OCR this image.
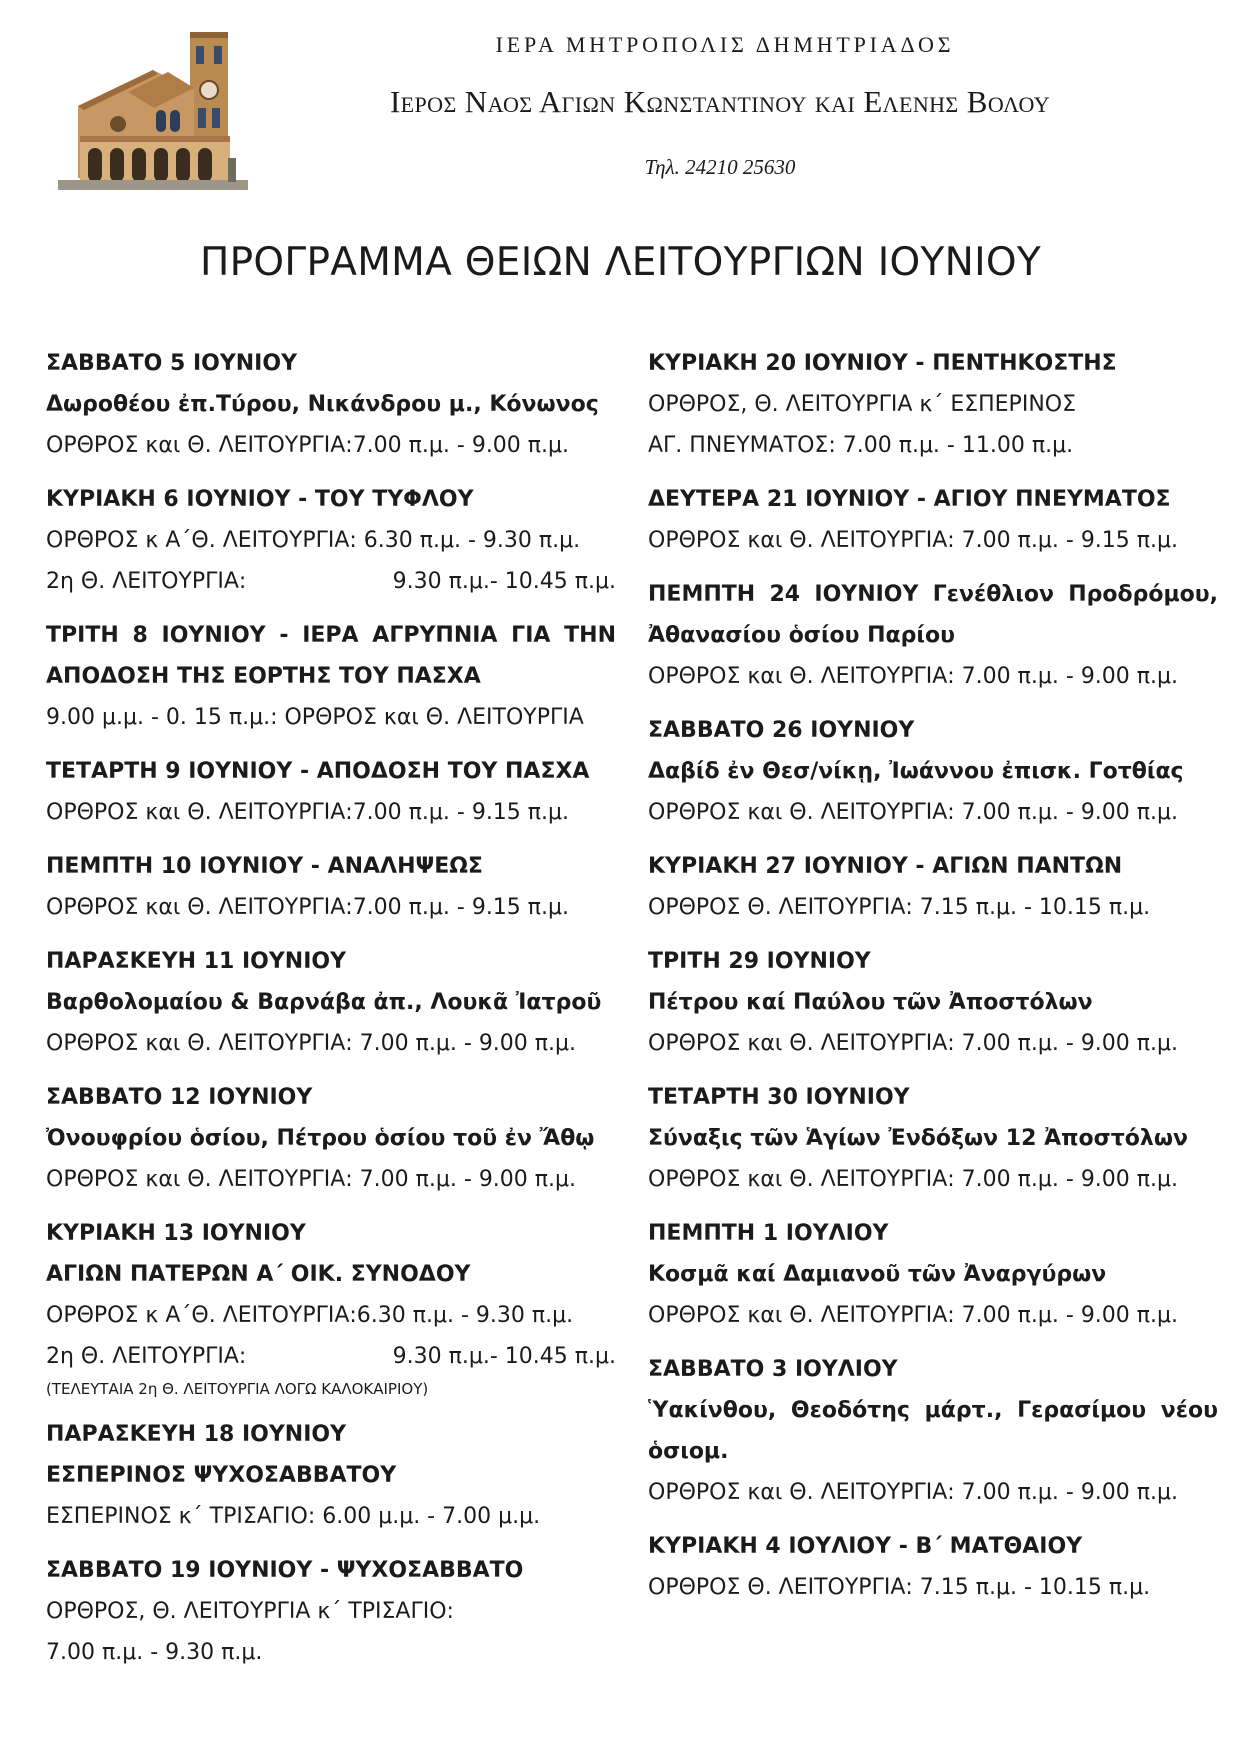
ΙΕΡΑ ΜΗΤΡΟΠΟΛΙΣ ΔΗΜΗΤΡΙΑΔΟΣ
Ιερος Ναος Αγιων Κωνσταντινου και Ελενης Βολου
Τηλ. 24210 25630
ΠΡΟΓΡΑΜΜΑ ΘΕΙΩΝ ΛΕΙΤΟΥΡΓΙΩΝ ΙΟΥΝΙΟΥ
ΣΑΒΒΑΤΟ 5 ΙΟΥΝΙΟΥ
Δωροθέου ἐπ.Τύρου, Νικάνδρου μ., Κόνωνος
ΟΡΘΡΟΣ και Θ. ΛΕΙΤΟΥΡΓΙΑ:7.00 π.μ. - 9.00 π.μ.
ΚΥΡΙΑΚΗ 6 ΙΟΥΝΙΟΥ - ΤΟΥ ΤΥΦΛΟΥ
ΟΡΘΡΟΣ κ Α΄Θ. ΛΕΙΤΟΥΡΓΙΑ: 6.30 π.μ. - 9.30 π.μ.
2η Θ. ΛΕΙΤΟΥΡΓΙΑ:	9.30 π.μ.- 10.45 π.μ.
ΤΡΙΤΗ 8 ΙΟΥΝΙΟΥ - ΙΕΡΑ ΑΓΡΥΠΝΙΑ ΓΙΑ ΤΗΝ ΑΠΟΔΟΣΗ ΤΗΣ ΕΟΡΤΗΣ ΤΟΥ ΠΑΣΧΑ
9.00 μ.μ. - 0. 15 π.μ.: ΟΡΘΡΟΣ και Θ. ΛΕΙΤΟΥΡΓΙΑ
ΤΕΤΑΡΤΗ 9 ΙΟΥΝΙΟΥ - ΑΠΟΔΟΣΗ ΤΟΥ ΠΑΣΧΑ
ΟΡΘΡΟΣ και Θ. ΛΕΙΤΟΥΡΓΙΑ:7.00 π.μ. - 9.15 π.μ.
ΠΕΜΠΤΗ 10 ΙΟΥΝΙΟΥ - ΑΝΑΛΗΨΕΩΣ
ΟΡΘΡΟΣ και Θ. ΛΕΙΤΟΥΡΓΙΑ:7.00 π.μ. - 9.15 π.μ.
ΠΑΡΑΣΚΕΥΗ 11 ΙΟΥΝΙΟΥ
Βαρθολομαίου & Βαρνάβα ἀπ., Λουκᾶ Ἰατροῦ
ΟΡΘΡΟΣ και Θ. ΛΕΙΤΟΥΡΓΙΑ: 7.00 π.μ. - 9.00 π.μ.
ΣΑΒΒΑΤΟ 12 ΙΟΥΝΙΟΥ
Ὀνουφρίου ὁσίου, Πέτρου ὁσίου τοῦ ἐν Ἄθῳ
ΟΡΘΡΟΣ και Θ. ΛΕΙΤΟΥΡΓΙΑ: 7.00 π.μ. - 9.00 π.μ.
ΚΥΡΙΑΚΗ 13 ΙΟΥΝΙΟΥ
ΑΓΙΩΝ ΠΑΤΕΡΩΝ Α΄ ΟΙΚ. ΣΥΝΟΔΟΥ
ΟΡΘΡΟΣ κ Α΄Θ. ΛΕΙΤΟΥΡΓΙΑ:6.30 π.μ. - 9.30 π.μ.
2η Θ. ΛΕΙΤΟΥΡΓΙΑ:	9.30 π.μ.- 10.45 π.μ.
(ΤΕΛΕΥΤΑΙΑ 2η Θ. ΛΕΙΤΟΥΡΓΙΑ ΛΟΓΩ ΚΑΛΟΚΑΙΡΙΟΥ)
ΠΑΡΑΣΚΕΥΗ 18 ΙΟΥΝΙΟΥ
ΕΣΠΕΡΙΝΟΣ ΨΥΧΟΣΑΒΒΑΤΟΥ
ΕΣΠΕΡΙΝΟΣ κ΄ ΤΡΙΣΑΓΙΟ: 6.00 μ.μ. - 7.00 μ.μ.
ΣΑΒΒΑΤΟ 19 ΙΟΥΝΙΟΥ - ΨΥΧΟΣΑΒΒΑΤΟ
ΟΡΘΡΟΣ, Θ. ΛΕΙΤΟΥΡΓΙΑ κ΄ ΤΡΙΣΑΓΙΟ:
7.00 π.μ. - 9.30 π.μ.
ΚΥΡΙΑΚΗ 20 ΙΟΥΝΙΟΥ - ΠΕΝΤΗΚΟΣΤΗΣ
ΟΡΘΡΟΣ, Θ. ΛΕΙΤΟΥΡΓΙΑ κ΄ ΕΣΠΕΡΙΝΟΣ
ΑΓ. ΠΝΕΥΜΑΤΟΣ: 7.00 π.μ. - 11.00 π.μ.
ΔΕΥΤΕΡΑ 21 ΙΟΥΝΙΟΥ - ΑΓΙΟΥ ΠΝΕΥΜΑΤΟΣ
ΟΡΘΡΟΣ και Θ. ΛΕΙΤΟΥΡΓΙΑ: 7.00 π.μ. - 9.15 π.μ.
ΠΕΜΠΤΗ 24 ΙΟΥΝΙΟΥ Γενέθλιον Προδρόμου, Ἀθανασίου ὁσίου Παρίου
ΟΡΘΡΟΣ και Θ. ΛΕΙΤΟΥΡΓΙΑ: 7.00 π.μ. - 9.00 π.μ.
ΣΑΒΒΑΤΟ 26 ΙΟΥΝΙΟΥ
Δαβίδ ἐν Θεσ/νίκῃ, Ἰωάννου ἐπισκ. Γοτθίας
ΟΡΘΡΟΣ και Θ. ΛΕΙΤΟΥΡΓΙΑ: 7.00 π.μ. - 9.00 π.μ.
ΚΥΡΙΑΚΗ 27 ΙΟΥΝΙΟΥ - ΑΓΙΩΝ ΠΑΝΤΩΝ
ΟΡΘΡΟΣ Θ. ΛΕΙΤΟΥΡΓΙΑ: 7.15 π.μ. - 10.15 π.μ.
ΤΡΙΤΗ 29 ΙΟΥΝΙΟΥ
Πέτρου καί Παύλου τῶν Ἀποστόλων
ΟΡΘΡΟΣ και Θ. ΛΕΙΤΟΥΡΓΙΑ: 7.00 π.μ. - 9.00 π.μ.
ΤΕΤΑΡΤΗ 30 ΙΟΥΝΙΟΥ
Σύναξις τῶν Ἁγίων Ἐνδόξων 12 Ἀποστόλων
ΟΡΘΡΟΣ και Θ. ΛΕΙΤΟΥΡΓΙΑ: 7.00 π.μ. - 9.00 π.μ.
ΠΕΜΠΤΗ 1 ΙΟΥΛΙΟΥ
Κοσμᾶ καί Δαμιανοῦ τῶν Ἀναργύρων
ΟΡΘΡΟΣ και Θ. ΛΕΙΤΟΥΡΓΙΑ: 7.00 π.μ. - 9.00 π.μ.
ΣΑΒΒΑΤΟ 3 ΙΟΥΛΙΟΥ
Ὑακίνθου, Θεοδότης μάρτ., Γερασίμου νέου ὁσιομ.
ΟΡΘΡΟΣ και Θ. ΛΕΙΤΟΥΡΓΙΑ: 7.00 π.μ. - 9.00 π.μ.
ΚΥΡΙΑΚΗ 4 ΙΟΥΛΙΟΥ - Β΄ ΜΑΤΘΑΙΟΥ
ΟΡΘΡΟΣ Θ. ΛΕΙΤΟΥΡΓΙΑ: 7.15 π.μ. - 10.15 π.μ.
